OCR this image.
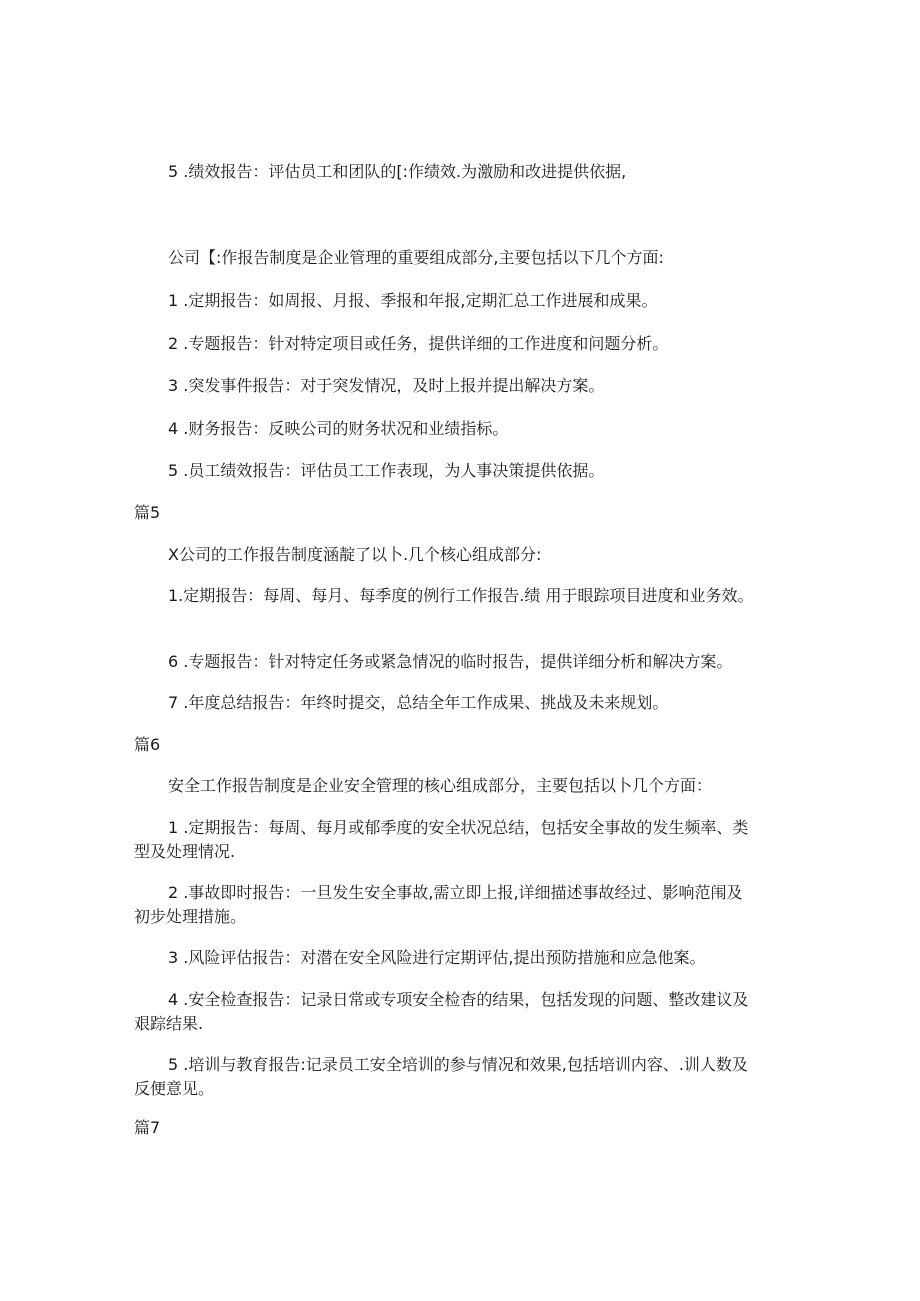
5 .绩效报告：评估员工和团队的[:作绩效.为激励和改进提供依据,
公司【:作报告制度是企业管理的重要组成部分,主要包括以下几个方面:
1 .定期报告：如周报、月报、季报和年报,定期汇总工作进展和成果。
2 .专题报告：针对特定项目或任务，提供详细的工作进度和问题分析。
3 .突发事件报告：对于突发情况，及时上报并提出解决方案。
4 .财务报告：反映公司的财务状况和业绩指标。
5 .员工绩效报告：评估员工工作表现，为人事决策提供依据。
篇5
X公司的工作报告制度涵靛了以卜.几个核心组成部分:
1.定期报告：每周、每月、每季度的例行工作报告.绩 用于眼踪项目进度和业务效。
6 .专题报告：针对特定任务或紧急情况的临时报告，提供详细分析和解决方案。
7 .年度总结报告：年终时提交，总结全年工作成果、挑战及未来规划。
篇6
安全工作报告制度是企业安全管理的核心组成部分，主要包括以卜几个方面：
1 .定期报告：每周、每月或郁季度的安全状况总结，包括安全事故的发生频率、类型及处理情况.
2 .事故即时报告：一旦发生安全事故,需立即上报,详细描述事故经过、影响范闱及初步处理措施。
3 .风险评估报告：对潜在安全风险进行定期评估,提出预防措施和应急他案。
4 .安全检查报告：记录日常或专项安全检杳的结果，包括发现的问题、整改建议及艰踪结果.
5 .培训与教育报告:记录员工安全培训的参与情况和效果,包括培训内容、.训人数及反便意见。
篇7
